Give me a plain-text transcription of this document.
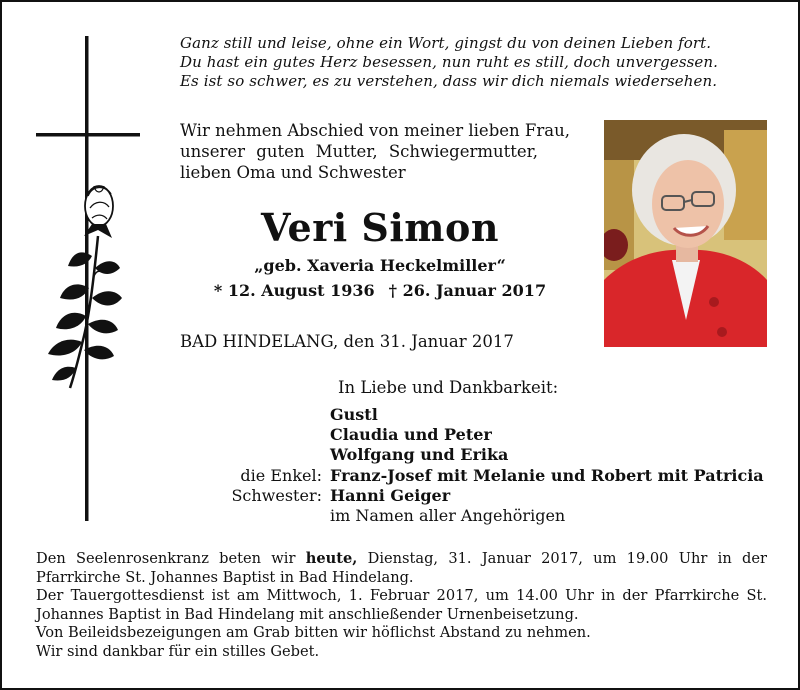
Ganz still und leise, ohne ein Wort, gingst du von deinen Lieben fort.
Du hast ein gutes Herz besessen, nun ruht es still, doch unvergessen.
Es ist so schwer, es zu verstehen, dass wir dich niemals wiedersehen.
Wir nehmen Abschied von meiner lieben Frau,
unserer guten Mutter, Schwiegermutter,
lieben Oma und Schwester
Veri Simon
„geb. Xaveria Heckelmiller“
* 12. August 1936 † 26. Januar 2017
BAD HINDELANG, den 31. Januar 2017
In Liebe und Dankbarkeit:
Gustl
Claudia und Peter
Wolfgang und Erika
die Enkel: Franz-Josef mit Melanie und Robert mit Patricia
Schwester: Hanni Geiger
im Namen aller Angehörigen

Den Seelenrosenkranz beten wir heute, Dienstag, 31. Januar 2017, um 19.00 Uhr in der Pfarrkirche St. Johannes Baptist in Bad Hindelang.

Der Tauergottesdienst ist am Mittwoch, 1. Februar 2017, um 14.00 Uhr in der Pfarrkirche St. Johannes Baptist in Bad Hindelang mit anschließender Urnenbeisetzung.

Von Beileidsbezeigungen am Grab bitten wir höflichst Abstand zu nehmen.

Wir sind dankbar für ein stilles Gebet.
